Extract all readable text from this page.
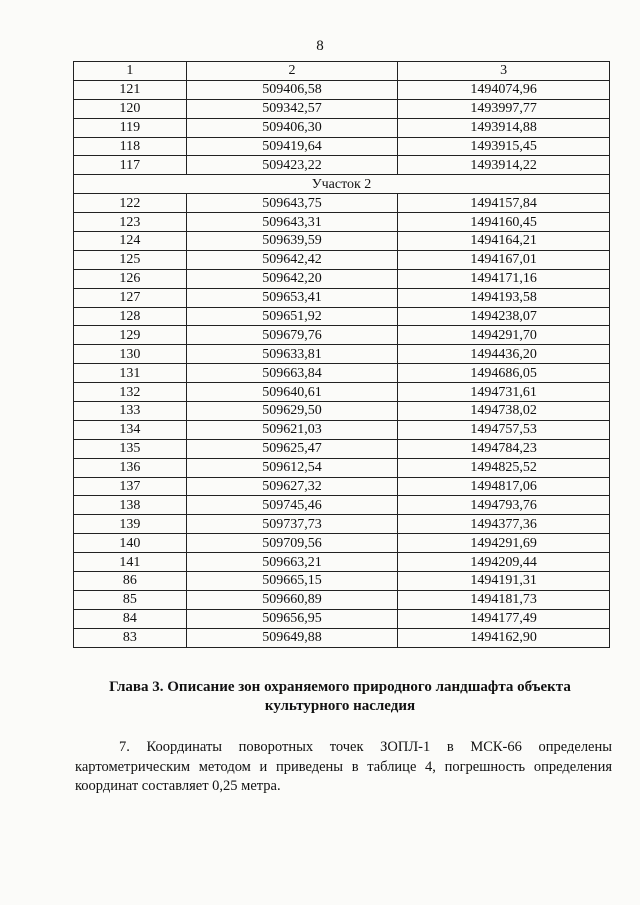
8
1	2	3
121	509406,58	1494074,96
120	509342,57	1493997,77
119	509406,30	1493914,88
118	509419,64	1493915,45
117	509423,22	1493914,22
Участок 2		
122	509643,75	1494157,84
123	509643,31	1494160,45
124	509639,59	1494164,21
125	509642,42	1494167,01
126	509642,20	1494171,16
127	509653,41	1494193,58
128	509651,92	1494238,07
129	509679,76	1494291,70
130	509633,81	1494436,20
131	509663,84	1494686,05
132	509640,61	1494731,61
133	509629,50	1494738,02
134	509621,03	1494757,53
135	509625,47	1494784,23
136	509612,54	1494825,52
137	509627,32	1494817,06
138	509745,46	1494793,76
139	509737,73	1494377,36
140	509709,56	1494291,69
141	509663,21	1494209,44
86	509665,15	1494191,31
85	509660,89	1494181,73
84	509656,95	1494177,49
83	509649,88	1494162,90
Глава 3. Описание зон охраняемого природного ландшафта объекта
культурного наследия
7. Координаты поворотных точек ЗОПЛ-1 в МСК-66 определены картометрическим методом и приведены в таблице 4, погрешность определения координат составляет 0,25 метра.
